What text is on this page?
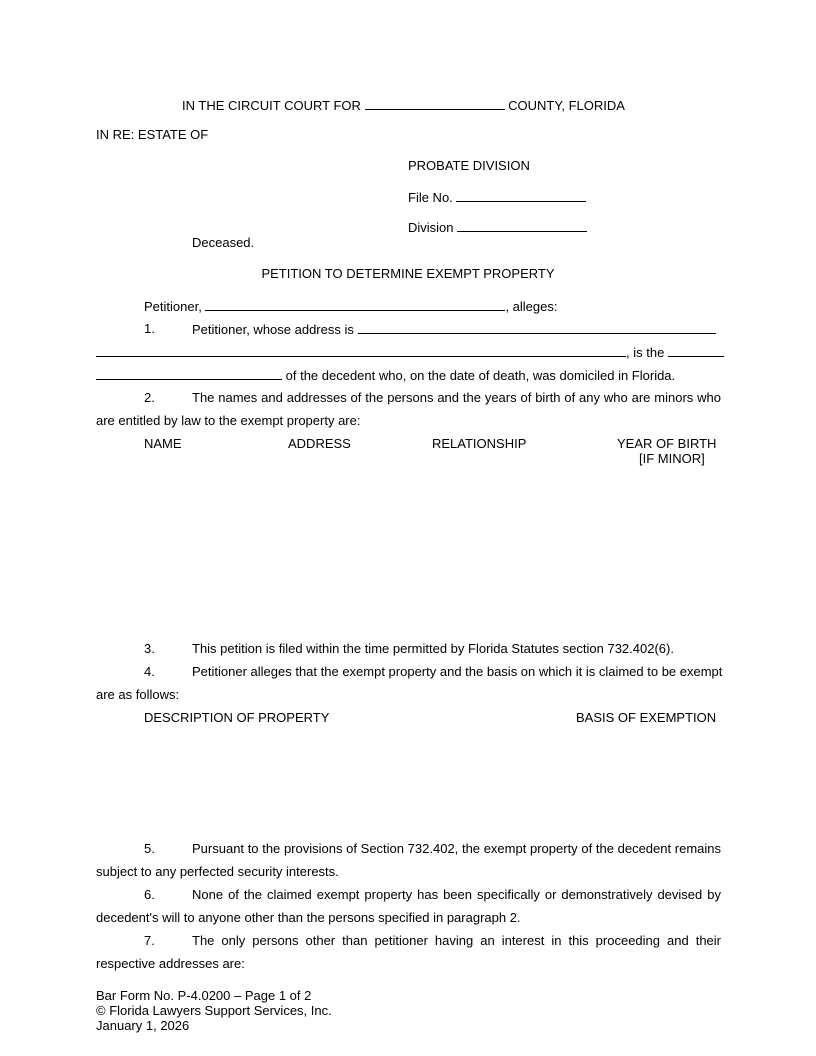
IN THE CIRCUIT COURT FOR	COUNTY, FLORIDA
IN RE: ESTATE OF
PROBATE DIVISION
File No.
Division
Deceased.
PETITION TO DETERMINE EXEMPT PROPERTY
Petitioner,	, alleges:
1.	Petitioner, whose address is
, is the
of the decedent who, on the date of death, was domiciled in Florida.
2.	The names and addresses of the persons and the years of birth of any who are minors who
are entitled by law to the exempt property are:
NAME	ADDRESS	RELATIONSHIP	YEAR OF BIRTH
[IF MINOR]
3.	This petition is filed within the time permitted by Florida Statutes section 732.402(6).
4.	Petitioner alleges that the exempt property and the basis on which it is claimed to be exempt
are as follows:
DESCRIPTION OF PROPERTY	BASIS OF EXEMPTION
5.	Pursuant to the provisions of Section 732.402, the exempt property of the decedent remains
subject to any perfected security interests.
6.	None of the claimed exempt property has been specifically or demonstratively devised by
decedent's will to anyone other than the persons specified in paragraph 2.
7.	The only persons other than petitioner having an interest in this proceeding and their
respective addresses are:
Bar Form No. P-4.0200 – Page 1 of 2
© Florida Lawyers Support Services, Inc.
January 1, 2026
